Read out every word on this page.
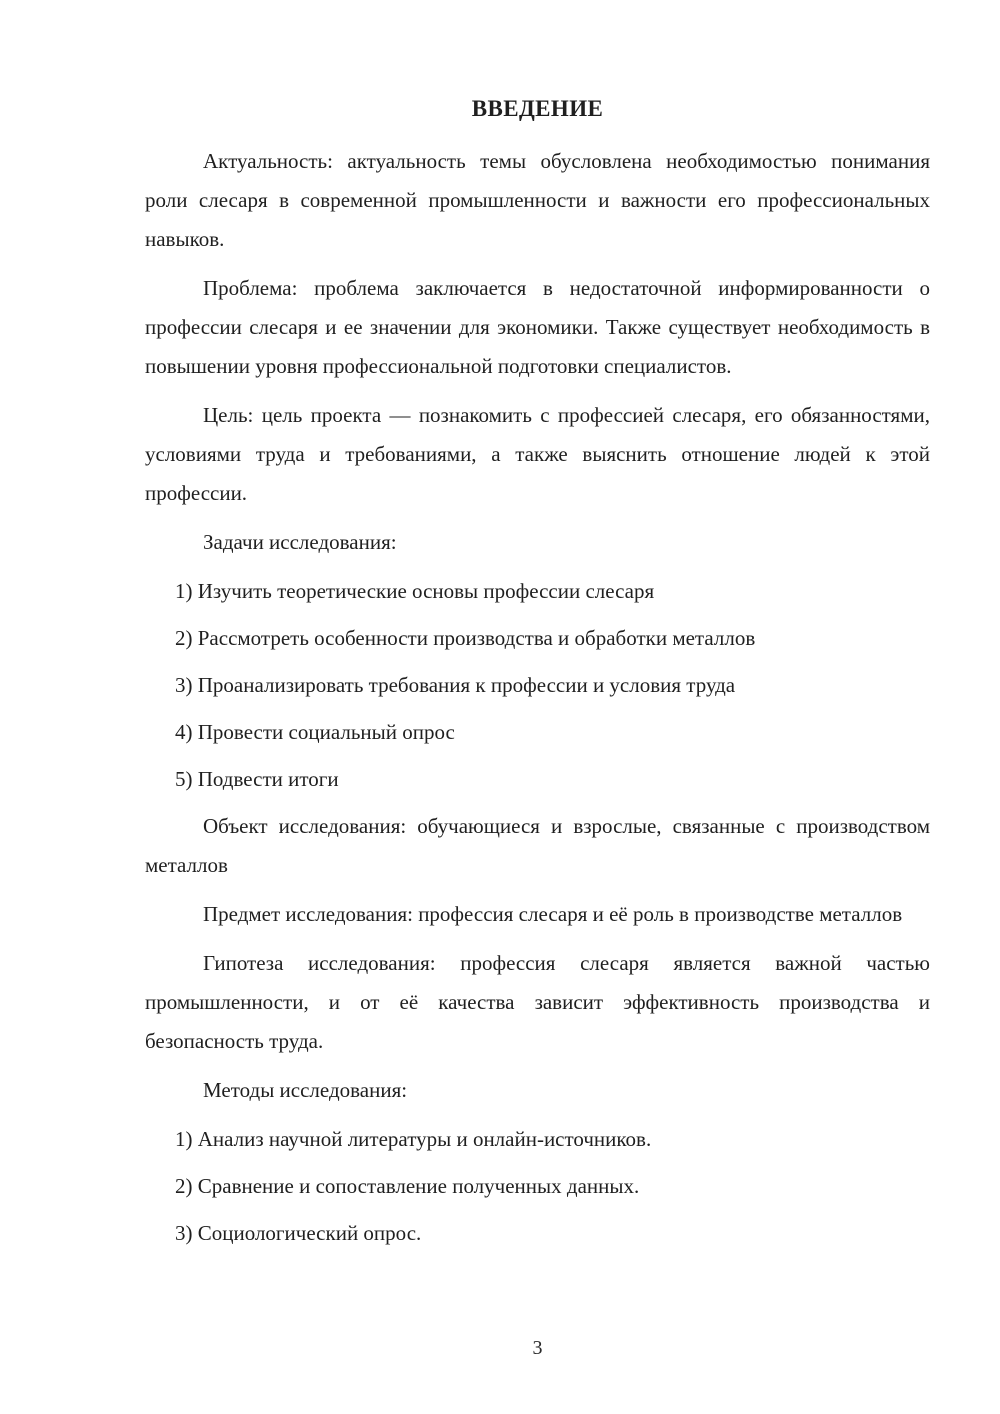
ВВЕДЕНИЕ

Актуальность: актуальность темы обусловлена необходимостью понимания роли слесаря в современной промышленности и важности его профессиональных навыков.

Проблема: проблема заключается в недостаточной информированности о профессии слесаря и ее значении для экономики. Также существует необходимость в повышении уровня профессиональной подготовки специалистов.

Цель: цель проекта — познакомить с профессией слесаря, его обязанностями, условиями труда и требованиями, а также выяснить отношение людей к этой профессии.

Задачи исследования:

1) Изучить теоретические основы профессии слесаря
2) Рассмотреть особенности производства и обработки металлов
3) Проанализировать требования к профессии и условия труда
4) Провести социальный опрос
5) Подвести итоги

Объект исследования: обучающиеся и взрослые, связанные с производством металлов

Предмет исследования: профессия слесаря и её роль в производстве металлов

Гипотеза исследования: профессия слесаря является важной частью промышленности, и от её качества зависит эффективность производства и безопасность труда.

Методы исследования:

1) Анализ научной литературы и онлайн-источников.
2) Сравнение и сопоставление полученных данных.
3) Социологический опрос.
3
